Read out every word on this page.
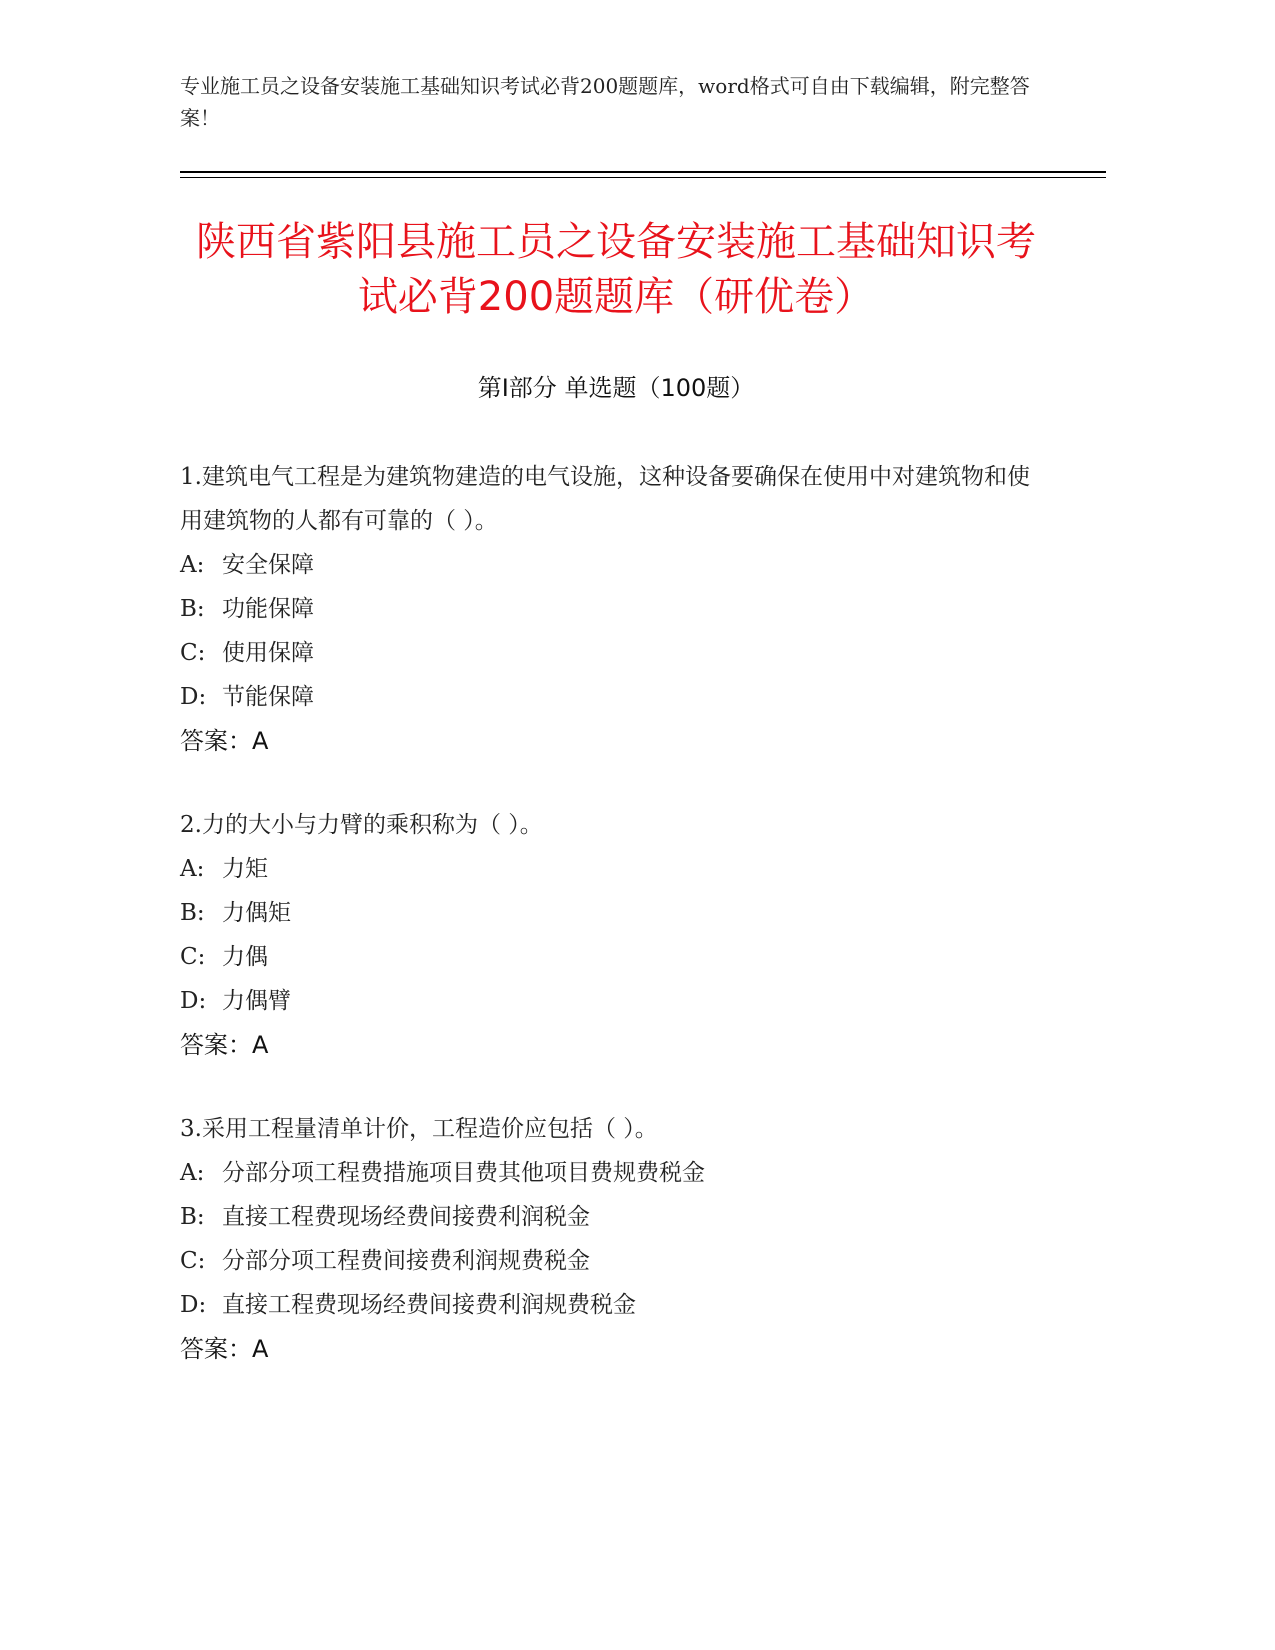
专业施工员之设备安装施工基础知识考试必背200题题库，word格式可自由下载编辑，附完整答案！
陕西省紫阳县施工员之设备安装施工基础知识考试必背200题题库（研优卷）
第I部分 单选题（100题）
1.建筑电气工程是为建筑物建造的电气设施，这种设备要确保在使用中对建筑物和使用建筑物的人都有可靠的（ ）。
A: 安全保障
B: 功能保障
C: 使用保障
D: 节能保障
答案：A
2.力的大小与力臂的乘积称为（ ）。
A: 力矩
B: 力偶矩
C: 力偶
D: 力偶臂
答案：A
3.采用工程量清单计价，工程造价应包括（ ）。
A: 分部分项工程费措施项目费其他项目费规费税金
B: 直接工程费现场经费间接费利润税金
C: 分部分项工程费间接费利润规费税金
D: 直接工程费现场经费间接费利润规费税金
答案：A
